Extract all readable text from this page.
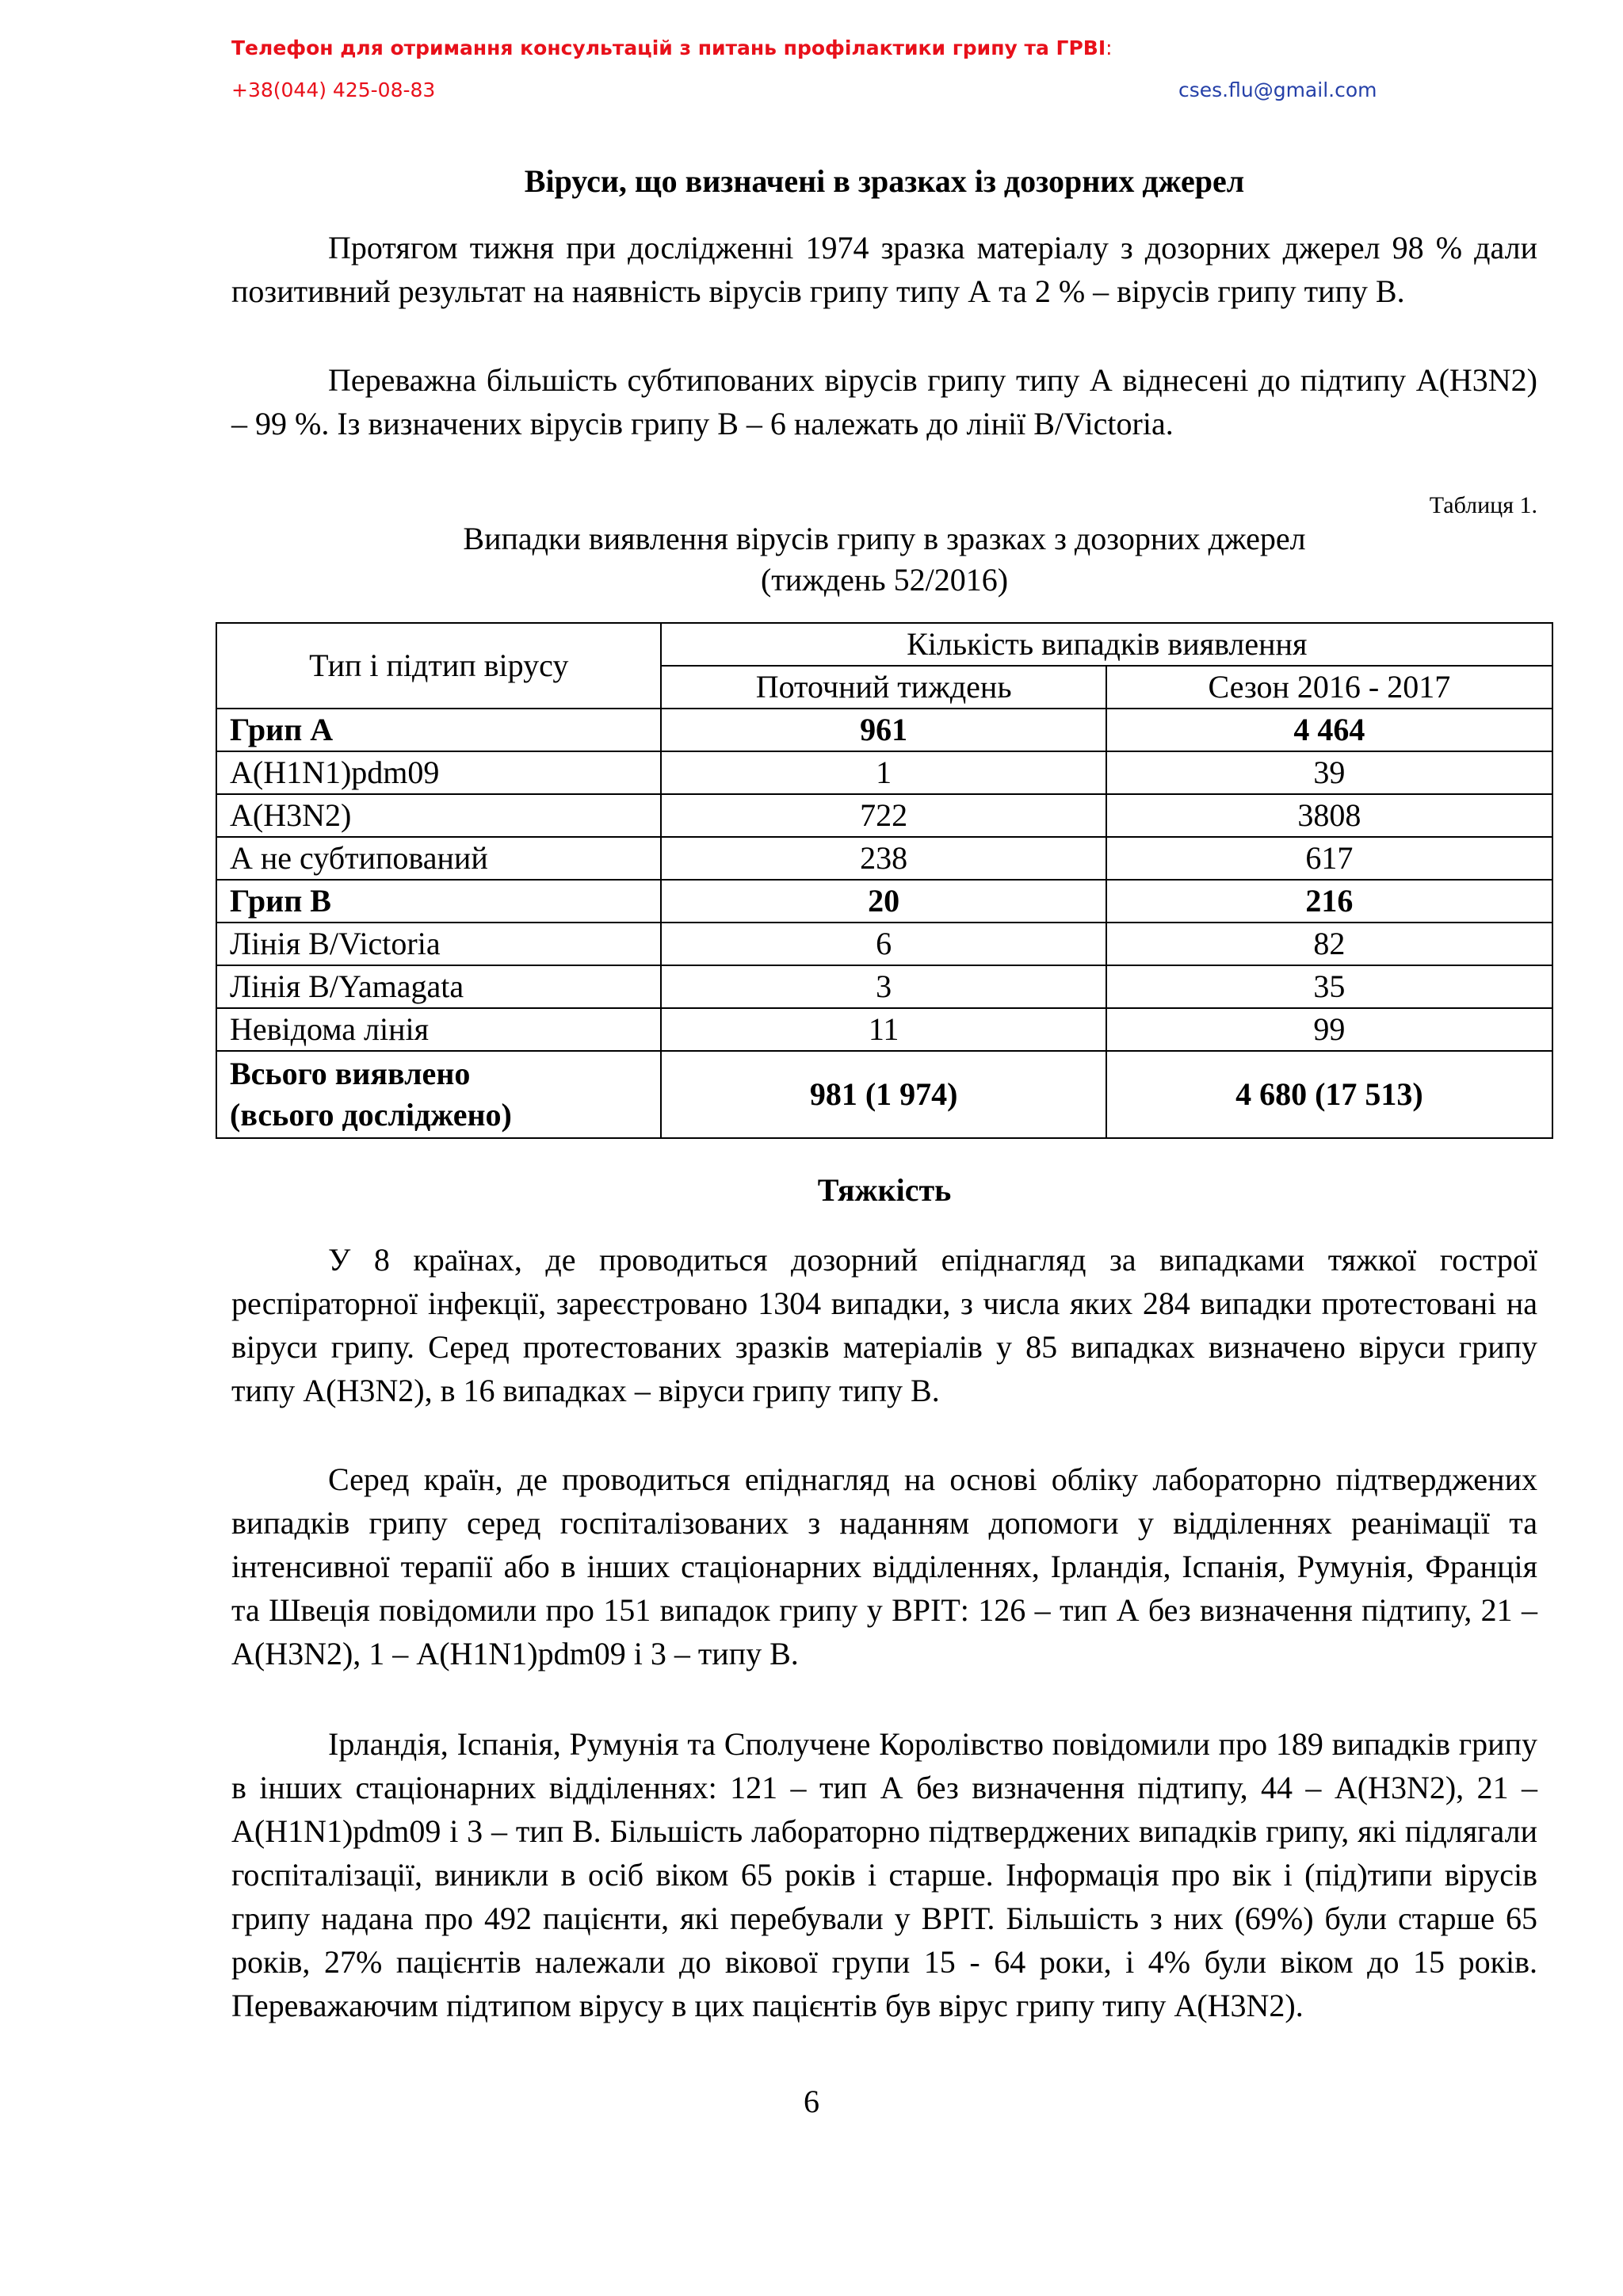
Телефон для отримання консультацій з питань профілактики грипу та ГРВІ:
+38(044) 425-08-83	cses.flu@gmail.com
Віруси, що визначені в зразках із дозорних джерел

Протягом тижня при дослідженні 1974 зразка матеріалу з дозорних джерел 98 % дали позитивний результат на наявність вірусів грипу типу А та 2 % – вірусів грипу типу В.

Переважна більшість субтипованих вірусів грипу типу А віднесені до підтипу А(H3N2) – 99 %. Із визначених вірусів грипу В – 6 належать до лінії В/Victoria.

Таблиця 1.
Випадки виявлення вірусів грипу в зразках з дозорних джерел
(тиждень 52/2016)
Тип і підтип вірусу	Кількість випадків виявлення	
	Поточний тиждень	Сезон 2016 - 2017
Грип А	961	4 464
A(H1N1)pdm09	1	39
A(H3N2)	722	3808
А не субтипований	238	617
Грип В	20	216
Лінія B/Victoria	6	82
Лінія B/Yamagata	3	35
Невідома лінія	11	99

Всього виявлено
(всього досліджено)	981 (1 974)	4 680 (17 513)
Тяжкість

У 8 країнах, де проводиться дозорний епіднагляд за випадками тяжкої гострої респіраторної інфекції, зареєстровано 1304 випадки, з числа яких 284 випадки протестовані на віруси грипу. Серед протестованих зразків матеріалів у 85 випадках визначено віруси грипу типу А(H3N2), в 16 випадках – віруси грипу типу В.

Серед країн, де проводиться епіднагляд на основі обліку лабораторно підтверджених випадків грипу серед госпіталізованих з наданням допомоги у відділеннях реанімації та інтенсивної терапії або в інших стаціонарних відділеннях, Ірландія, Іспанія, Румунія, Франція та Швеція повідомили про 151 випадок грипу у ВРІТ: 126 – тип А без визначення підтипу, 21 – А(H3N2), 1 – А(H1N1)pdm09 і 3 – типу В.

Ірландія, Іспанія, Румунія та Сполучене Королівство повідомили про 189 випадків грипу в інших стаціонарних відділеннях: 121 – тип А без визначення підтипу, 44 – А(H3N2), 21 – А(H1N1)pdm09 і 3 – тип В. Більшість лабораторно підтверджених випадків грипу, які підлягали госпіталізації, виникли в осіб віком 65 років і старше. Інформація про вік і (під)типи вірусів грипу надана про 492 пацієнти, які перебували у ВРІТ. Більшість з них (69%) були старше 65 років, 27% пацієнтів належали до вікової групи 15 - 64 роки, і 4% були віком до 15 років. Переважаючим підтипом вірусу в цих пацієнтів був вірус грипу типу А(H3N2).

6
